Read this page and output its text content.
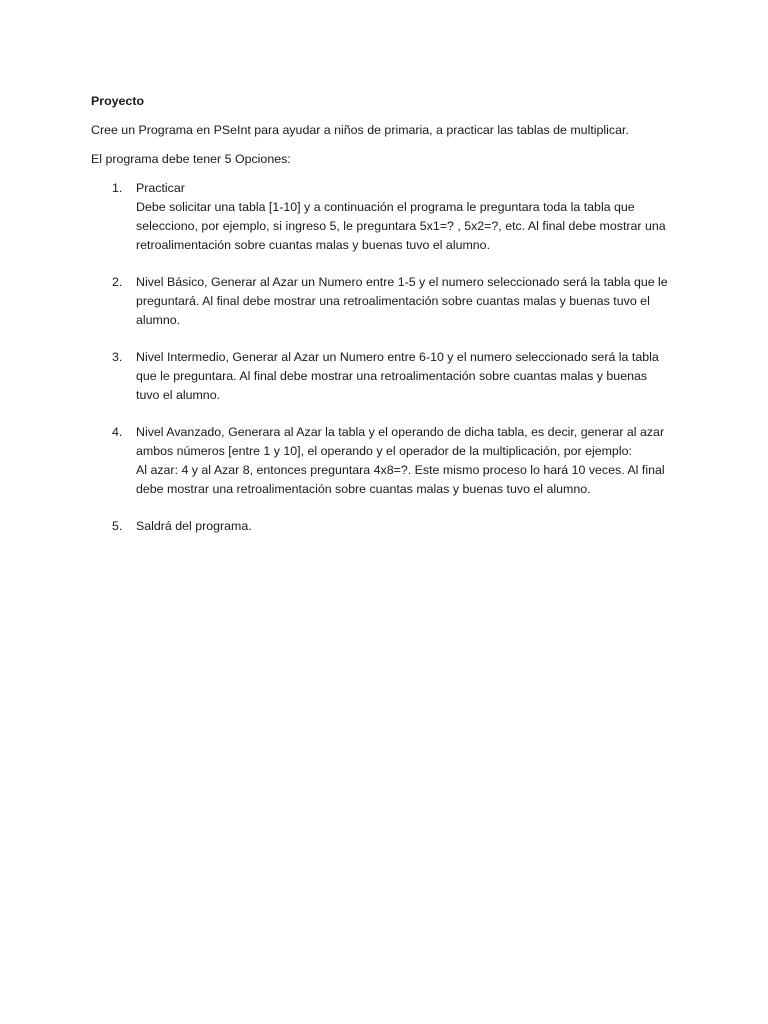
Proyecto

Cree un Programa en PSeInt para ayudar a niños de primaria, a practicar las tablas de multiplicar.

El programa debe tener 5 Opciones:

1. Practicar
Debe solicitar una tabla [1-10] y a continuación el programa le preguntara toda la tabla que
selecciono, por ejemplo, si ingreso 5, le preguntara 5x1=? , 5x2=?, etc. Al final debe mostrar una
retroalimentación sobre cuantas malas y buenas tuvo el alumno.
2. Nivel Básico, Generar al Azar un Numero entre 1-5 y el numero seleccionado será la tabla que le
preguntará. Al final debe mostrar una retroalimentación sobre cuantas malas y buenas tuvo el
alumno.
3. Nivel Intermedio, Generar al Azar un Numero entre 6-10 y el numero seleccionado será la tabla
que le preguntara. Al final debe mostrar una retroalimentación sobre cuantas malas y buenas
tuvo el alumno.
4. Nivel Avanzado, Generara al Azar la tabla y el operando de dicha tabla, es decir, generar al azar
ambos números [entre 1 y 10], el operando y el operador de la multiplicación, por ejemplo:
Al azar: 4 y al Azar 8, entonces preguntara 4x8=?. Este mismo proceso lo hará 10 veces. Al final
debe mostrar una retroalimentación sobre cuantas malas y buenas tuvo el alumno.
5. Saldrá del programa.
